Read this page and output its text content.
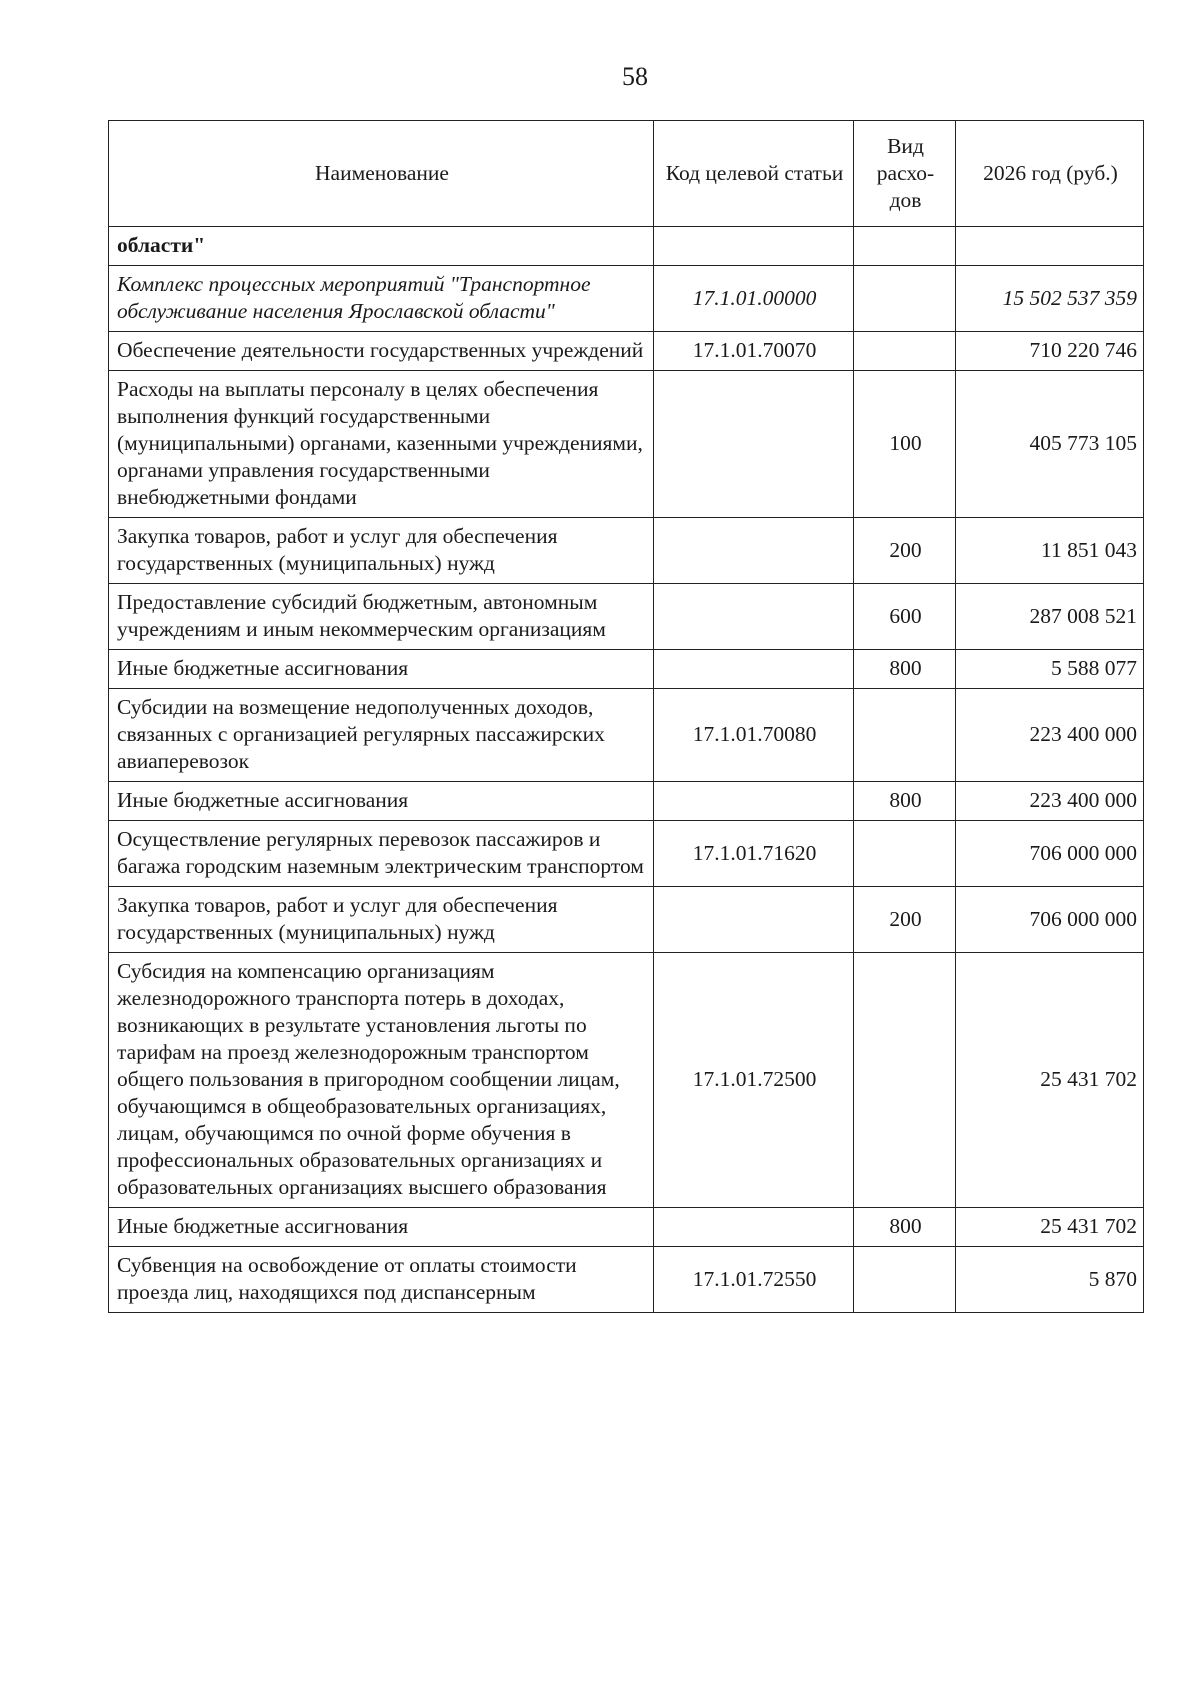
58
Наименование	Код целевой статьи	Вид расхо-дов	2026 год (руб.)
области"			
Комплекс процессных мероприятий "Транспортное обслуживание населения Ярославской области"	17.1.01.00000		15 502 537 359
Обеспечение деятельности государственных учреждений	17.1.01.70070		710 220 746
Расходы на выплаты персоналу в целях обеспечения выполнения функций государственными (муниципальными) органами, казенными учреждениями, органами управления государственными внебюджетными фондами		100	405 773 105
Закупка товаров, работ и услуг для обеспечения государственных (муниципальных) нужд		200	11 851 043
Предоставление субсидий бюджетным, автономным учреждениям и иным некоммерческим организациям		600	287 008 521
Иные бюджетные ассигнования		800	5 588 077
Субсидии на возмещение недополученных доходов, связанных с организацией регулярных пассажирских авиаперевозок	17.1.01.70080		223 400 000
Иные бюджетные ассигнования		800	223 400 000
Осуществление регулярных перевозок пассажиров и багажа городским наземным электрическим транспортом	17.1.01.71620		706 000 000
Закупка товаров, работ и услуг для обеспечения государственных (муниципальных) нужд		200	706 000 000
Субсидия на компенсацию организациям железнодорожного транспорта потерь в доходах, возникающих в результате установления льготы по тарифам на проезд железнодорожным транспортом общего пользования в пригородном сообщении лицам, обучающимся в общеобразовательных организациях, лицам, обучающимся по очной форме обучения в профессиональных образовательных организациях и образовательных организациях высшего образования	17.1.01.72500		25 431 702
Иные бюджетные ассигнования		800	25 431 702
Субвенция на освобождение от оплаты стоимости проезда лиц, находящихся под диспансерным	17.1.01.72550		5 870
